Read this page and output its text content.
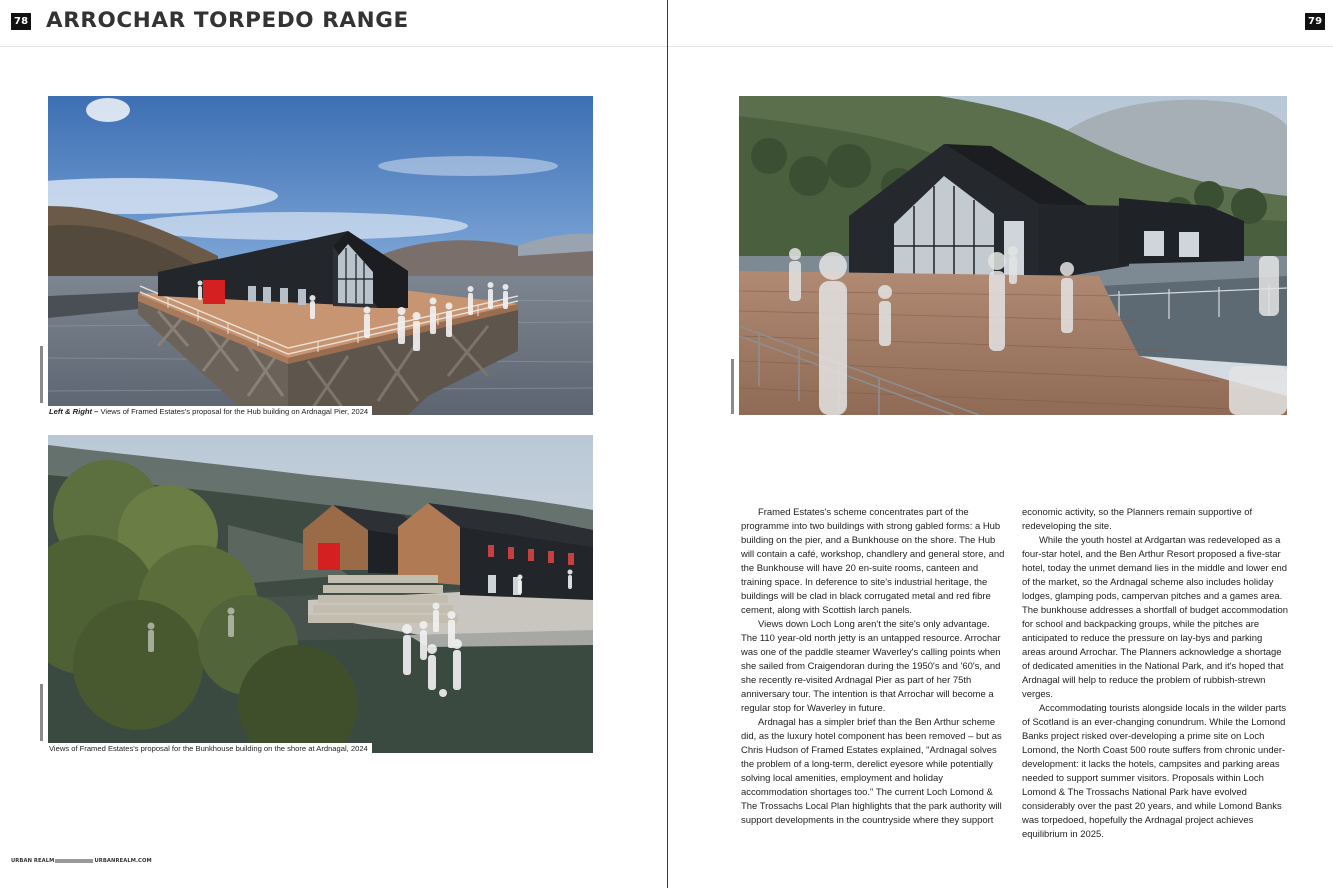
78 ARROCHAR TORPEDO RANGE	79
Left & Right – Views of Framed Estates's proposal for the Hub building on Ardnagal Pier, 2024
Views of Framed Estates's proposal for the Bunkhouse building on the shore at Ardnagal, 2024

Framed Estates's scheme concentrates part of the programme into two buildings with strong gabled forms: a Hub building on the pier, and a Bunkhouse on the shore. The Hub will contain a café, workshop, chandlery and general store, and the Bunkhouse will have 20 en-suite rooms, canteen and training space. In deference to site's industrial heritage, the buildings will be clad in black corrugated metal and red fibre cement, along with Scottish larch panels.

Views down Loch Long aren't the site's only advantage. The 110 year-old north jetty is an untapped resource. Arrochar was one of the paddle steamer Waverley's calling points when she sailed from Craigendoran during the 1950's and '60's, and she recently re-visited Ardnagal Pier as part of her 75th anniversary tour. The intention is that Arrochar will become a regular stop for Waverley in future.

Ardnagal has a simpler brief than the Ben Arthur scheme did, as the luxury hotel component has been removed – but as Chris Hudson of Framed Estates explained, "Ardnagal solves the problem of a long-term, derelict eyesore while potentially solving local amenities, employment and holiday accommodation shortages too." The current Loch Lomond & The Trossachs Local Plan highlights that the park authority will support developments in the countryside where they support

economic activity, so the Planners remain supportive of redeveloping the site.

While the youth hostel at Ardgartan was redeveloped as a four-star hotel, and the Ben Arthur Resort proposed a five-star hotel, today the unmet demand lies in the middle and lower end of the market, so the Ardnagal scheme also includes holiday lodges, glamping pods, campervan pitches and a games area. The bunkhouse addresses a shortfall of budget accommodation for school and backpacking groups, while the pitches are anticipated to reduce the pressure on lay-bys and parking areas around Arrochar. The Planners acknowledge a shortage of dedicated amenities in the National Park, and it's hoped that Ardnagal will help to reduce the problem of rubbish-strewn verges.

Accommodating tourists alongside locals in the wilder parts of Scotland is an ever-changing conundrum. While the Lomond Banks project risked over-developing a prime site on Loch Lomond, the North Coast 500 route suffers from chronic under-development: it lacks the hotels, campsites and parking areas needed to support summer visitors. Proposals within Loch Lomond & The Trossachs National Park have evolved considerably over the past 20 years, and while Lomond Banks was torpedoed, hopefully the Ardnagal project achieves equilibrium in 2025.

URBAN REALM	URBANREALM.COM
